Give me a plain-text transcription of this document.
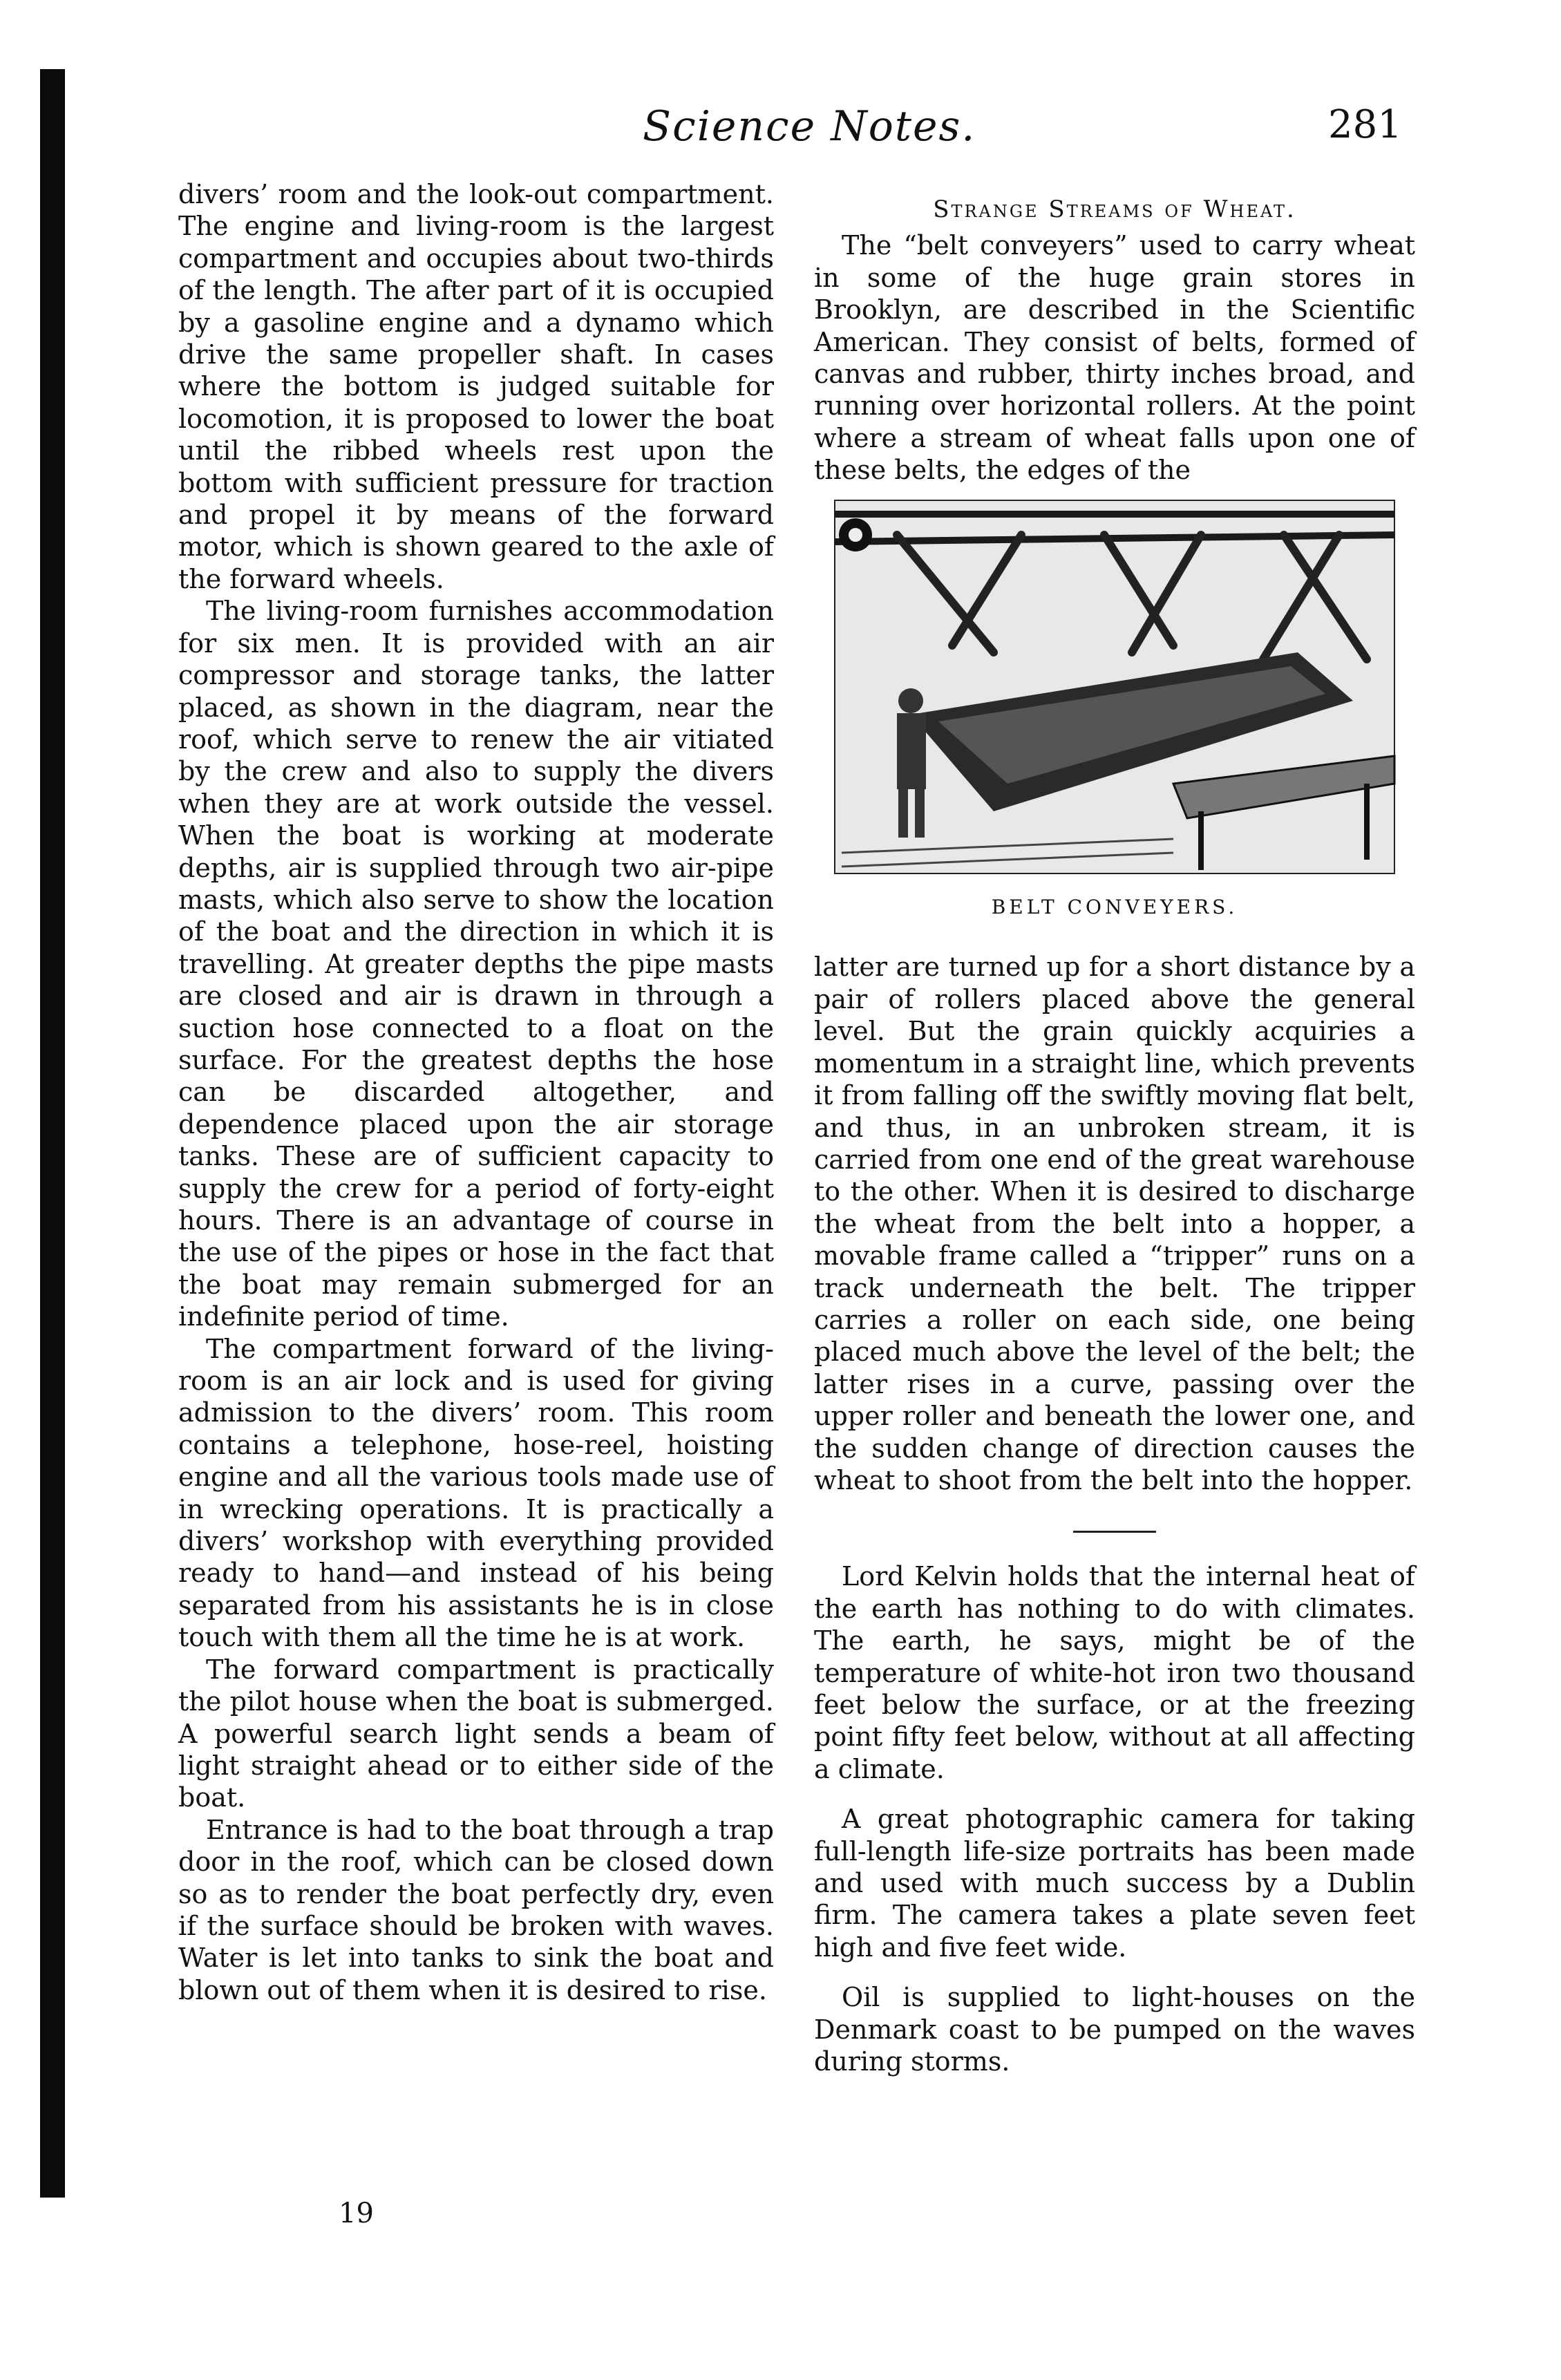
Science Notes.	281

divers’ room and the look-out compartment. The engine and living-room is the largest compartment and occupies about two-thirds of the length. The after part of it is occupied by a gasoline engine and a dynamo which drive the same propeller shaft. In cases where the bottom is judged suitable for locomotion, it is proposed to lower the boat until the ribbed wheels rest upon the bottom with sufficient pressure for traction and propel it by means of the forward motor, which is shown geared to the axle of the forward wheels.

The living-room furnishes accommodation for six men. It is provided with an air compressor and storage tanks, the latter placed, as shown in the diagram, near the roof, which serve to renew the air vitiated by the crew and also to supply the divers when they are at work outside the vessel. When the boat is working at moderate depths, air is supplied through two air-pipe masts, which also serve to show the location of the boat and the direction in which it is travelling. At greater depths the pipe masts are closed and air is drawn in through a suction hose connected to a float on the surface. For the greatest depths the hose can be discarded altogether, and dependence placed upon the air storage tanks. These are of sufficient capacity to supply the crew for a period of forty-eight hours. There is an advantage of course in the use of the pipes or hose in the fact that the boat may remain submerged for an indefinite period of time.

The compartment forward of the living-room is an air lock and is used for giving admission to the divers’ room. This room contains a telephone, hose-reel, hoisting engine and all the various tools made use of in wrecking operations. It is practically a divers’ workshop with everything provided ready to hand—and instead of his being separated from his assistants he is in close touch with them all the time he is at work.

The forward compartment is practically the pilot house when the boat is submerged. A powerful search light sends a beam of light straight ahead or to either side of the boat.

Entrance is had to the boat through a trap door in the roof, which can be closed down so as to render the boat perfectly dry, even if the surface should be broken with waves. Water is let into tanks to sink the boat and blown out of them when it is desired to rise.

19
Strange Streams of Wheat.

The “belt conveyers” used to carry wheat in some of the huge grain stores in Brooklyn, are described in the Scientific American. They consist of belts, formed of canvas and rubber, thirty inches broad, and running over horizontal rollers. At the point where a stream of wheat falls upon one of these belts, the edges of the

BELT CONVEYERS.

latter are turned up for a short distance by a pair of rollers placed above the general level. But the grain quickly acquiries a momentum in a straight line, which prevents it from falling off the swiftly moving flat belt, and thus, in an unbroken stream, it is carried from one end of the great warehouse to the other. When it is desired to discharge the wheat from the belt into a hopper, a movable frame called a “tripper” runs on a track underneath the belt. The tripper carries a roller on each side, one being placed much above the level of the belt; the latter rises in a curve, passing over the upper roller and beneath the lower one, and the sudden change of direction causes the wheat to shoot from the belt into the hopper.

Lord Kelvin holds that the internal heat of the earth has nothing to do with climates. The earth, he says, might be of the temperature of white-hot iron two thousand feet below the surface, or at the freezing point fifty feet below, without at all affecting a climate.

A great photographic camera for taking full-length life-size portraits has been made and used with much success by a Dublin firm. The camera takes a plate seven feet high and five feet wide.

Oil is supplied to light-houses on the Denmark coast to be pumped on the waves during storms.
